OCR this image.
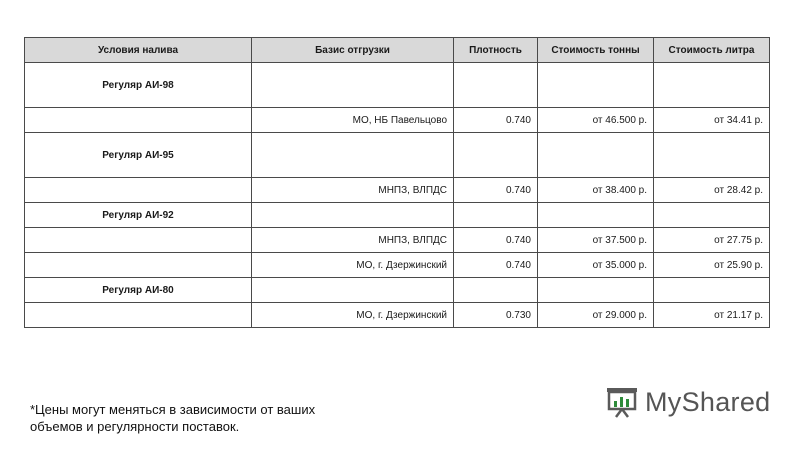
Условия налива	Базис отгрузки	Плотность	Стоимость тонны	Стоимость литра
Регуляр АИ-98				
	МО, НБ Павельцово	0.740	от 46.500 р.	от 34.41 р.
Регуляр АИ-95				
	МНПЗ, ВЛПДС	0.740	от 38.400 р.	от 28.42 р.
Регуляр АИ-92				
	МНПЗ, ВЛПДС	0.740	от 37.500 р.	от 27.75 р.
	МО, г. Дзержинский	0.740	от 35.000 р.	от 25.90 р.
Регуляр АИ-80				
	МО, г. Дзержинский	0.730	от 29.000 р.	от 21.17 р.
*Цены могут меняться в зависимости от ваших
объемов и регулярности поставок.
MyShared
